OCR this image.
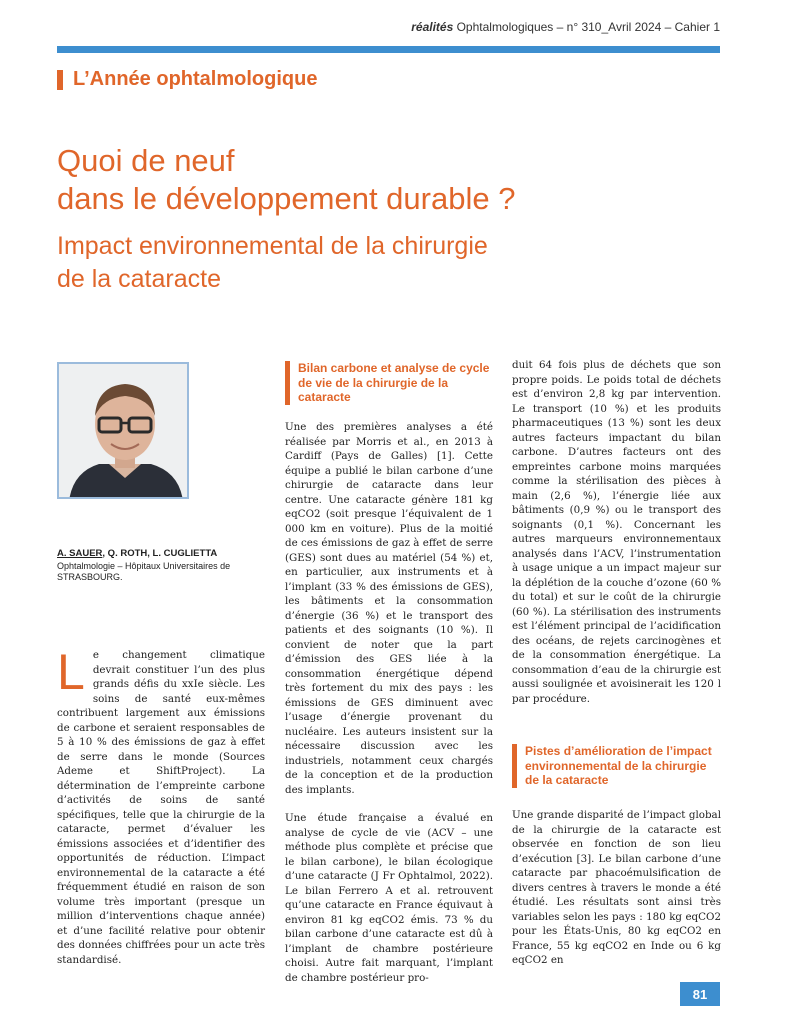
réalités Ophtalmologiques – n° 310_Avril 2024 – Cahier 1
L’Année ophtalmologique
Quoi de neuf
dans le développement durable ?
Impact environnemental de la chirurgie
de la cataracte
A. SAUER, Q. ROTH, L. CUGLIETTA
Ophtalmologie – Hôpitaux Universitaires de STRASBOURG.
L e changement climatique devrait constituer l’un des plus grands défis du xxIe siècle. Les soins de santé eux-mêmes contribuent largement aux émissions de carbone et seraient responsables de 5 à 10 % des émissions de gaz à effet de serre dans le monde (Sources Ademe et ShiftProject). La détermination de l’empreinte carbone d’activités de soins de santé spécifiques, telle que la chirurgie de la cataracte, permet d’évaluer les émissions associées et d’identifier des opportunités de réduction. L’impact environnemental de la cataracte a été fréquemment étudié en raison de son volume très important (presque un million d’interventions chaque année) et d’une facilité relative pour obtenir des données chiffrées pour un acte très standardisé.

Bilan carbone et analyse de cycle de vie de la chirurgie de la cataracte

Une des premières analyses a été réalisée par Morris et al., en 2013 à Cardiff (Pays de Galles) [1]. Cette équipe a publié le bilan carbone d’une chirurgie de cataracte dans leur centre. Une cataracte génère 181 kg eqCO2 (soit presque l’équivalent de 1 000 km en voiture). Plus de la moitié de ces émissions de gaz à effet de serre (GES) sont dues au matériel (54 %) et, en particulier, aux instruments et à l’implant (33 % des émissions de GES), les bâtiments et la consommation d’énergie (36 %) et le transport des patients et des soignants (10 %). Il convient de noter que la part d’émission des GES liée à la consommation énergétique dépend très fortement du mix des pays : les émissions de GES diminuent avec l’usage d’énergie provenant du nucléaire. Les auteurs insistent sur la nécessaire discussion avec les industriels, notamment ceux chargés de la conception et de la production des implants.

Une étude française a évalué en analyse de cycle de vie (ACV – une méthode plus complète et précise que le bilan carbone), le bilan écologique d’une cataracte (J Fr Ophtalmol, 2022). Le bilan Ferrero A et al. retrouvent qu’une cataracte en France équivaut à environ 81 kg eqCO2 émis. 73 % du bilan carbone d’une cataracte est dû à l’implant de chambre postérieure choisi. Autre fait marquant, l’implant de chambre postérieur pro-

duit 64 fois plus de déchets que son propre poids. Le poids total de déchets est d’environ 2,8 kg par intervention. Le transport (10 %) et les produits pharmaceutiques (13 %) sont les deux autres facteurs impactant du bilan carbone. D’autres facteurs ont des empreintes carbone moins marquées comme la stérilisation des pièces à main (2,6 %), l’énergie liée aux bâtiments (0,9 %) ou le transport des soignants (0,1 %). Concernant les autres marqueurs environnementaux analysés dans l’ACV, l’instrumentation à usage unique a un impact majeur sur la déplétion de la couche d’ozone (60 % du total) et sur le coût de la chirurgie (60 %). La stérilisation des instruments est l’élément principal de l’acidification des océans, de rejets carcinogènes et de la consommation énergétique. La consommation d’eau de la chirurgie est aussi soulignée et avoisinerait les 120 l par procédure.

Pistes d’amélioration de l’impact environnemental de la chirurgie de la cataracte

Une grande disparité de l’impact global de la chirurgie de la cataracte est observée en fonction de son lieu d’exécution [3]. Le bilan carbone d’une cataracte par phacoémulsification de divers centres à travers le monde a été étudié. Les résultats sont ainsi très variables selon les pays : 180 kg eqCO2 pour les États-Unis, 80 kg eqCO2 en France, 55 kg eqCO2 en Inde ou 6 kg eqCO2 en

81
